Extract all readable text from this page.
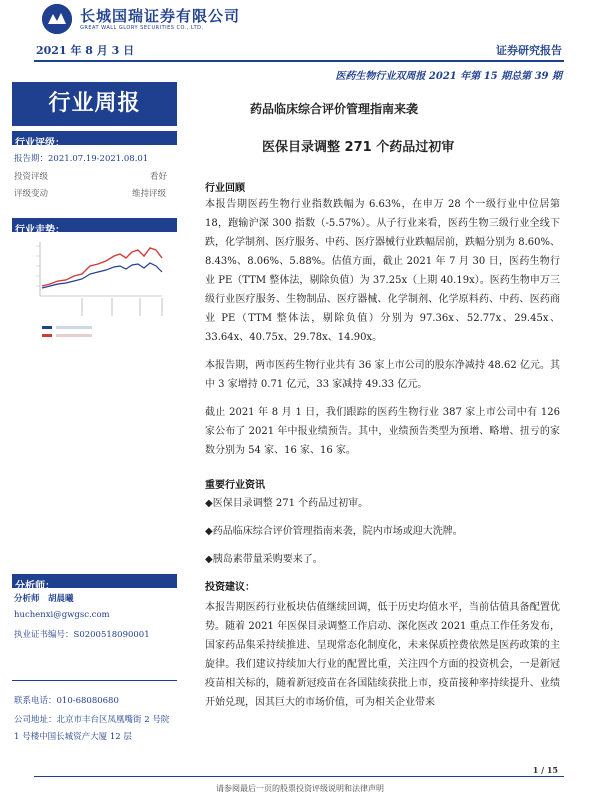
长城国瑞证券有限公司
GREAT WALL GLORY SECURITIES CO., LTD.
2021 年 8 月 3 日	证券研究报告
医药生物行业双周报 2021 年第 15 期总第 39 期
行业周报	药品临床综合评价管理指南来袭
医保目录调整 271 个药品过初审
行业评级：
报告期：2021.07.19-2021.08.01
投资评级	看好
评级变动	维持评级
行业走势：
分析师：
分析师　胡晨曦
huchenxi@gwgsc.com
执业证书编号：S0200518090001
联系电话：010-68080680
公司地址：北京市丰台区凤凰嘴街 2 号院 1 号楼中国长城资产大厦 12 层
行业回顾

本报告期医药生物行业指数跌幅为 6.63%，在申万 28 个一级行业中位居第 18，跑输沪深 300 指数（-5.57%）。从子行业来看，医药生物三级行业全线下跌，化学制剂、医疗服务、中药、医疗器械行业跌幅居前，跌幅分别为 8.60%、8.43%、8.06%、5.88%。估值方面，截止 2021 年 7 月 30 日，医药生物行业 PE（TTM 整体法，剔除负值）为 37.25x（上期 40.19x）。医药生物申万三级行业医疗服务、生物制品、医疗器械、化学制剂、化学原料药、中药、医药商业 PE（TTM 整体法，剔除负值）分别为 97.36x、52.77x、29.45x、33.64x、40.75x、29.78x、14.90x。

本报告期，两市医药生物行业共有 36 家上市公司的股东净减持 48.62 亿元。其中 3 家增持 0.71 亿元，33 家减持 49.33 亿元。

截止 2021 年 8 月 1 日，我们跟踪的医药生物行业 387 家上市公司中有 126 家公布了 2021 年中报业绩预告。其中，业绩预告类型为预增、略增、扭亏的家数分别为 54 家、16 家、16 家。

重要行业资讯

◆医保目录调整 271 个药品过初审。

◆药品临床综合评价管理指南来袭，院内市场或迎大洗牌。

◆胰岛素带量采购要来了。

投资建议：

本报告期医药行业板块估值继续回调，低于历史均值水平，当前估值具备配置优势。随着 2021 年医保目录调整工作启动、深化医改 2021 重点工作任务发布，国家药品集采持续推进、呈现常态化制度化，未来保质控费依然是医药政策的主旋律。我们建议持续加大行业的配置比重，关注四个方面的投资机会，一是新冠疫苗相关标的，随着新冠疫苗在各国陆续获批上市，疫苗接种率持续提升、业绩开始兑现，因其巨大的市场价值，可为相关企业带来

1 / 15
请参阅最后一页的股票投资评级说明和法律声明
